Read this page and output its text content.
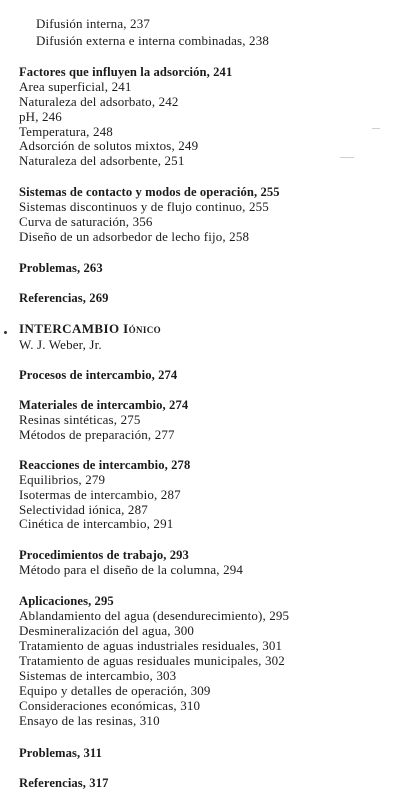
Difusión interna, 237
Difusión externa e interna combinadas, 238
Factores que influyen la adsorción, 241
Area superficial, 241
Naturaleza del adsorbato, 242
pH, 246
Temperatura, 248
Adsorción de solutos mixtos, 249
Naturaleza del adsorbente, 251
Sistemas de contacto y modos de operación, 255
Sistemas discontinuos y de flujo continuo, 255
Curva de saturación, 356
Diseño de un adsorbedor de lecho fijo, 258
Problemas, 263
Referencias, 269
INTERCAMBIO Iónico
W. J. Weber, Jr.
Procesos de intercambio, 274
Materiales de intercambio, 274
Resinas sintéticas, 275
Métodos de preparación, 277
Reacciones de intercambio, 278
Equilibrios, 279
Isotermas de intercambio, 287
Selectividad iónica, 287
Cinética de intercambio, 291
Procedimientos de trabajo, 293
Método para el diseño de la columna, 294
Aplicaciones, 295
Ablandamiento del agua (desendurecimiento), 295
Desmineralización del agua, 300
Tratamiento de aguas industriales residuales, 301
Tratamiento de aguas residuales municipales, 302
Sistemas de intercambio, 303
Equipo y detalles de operación, 309
Consideraciones económicas, 310
Ensayo de las resinas, 310
Problemas, 311
Referencias, 317
